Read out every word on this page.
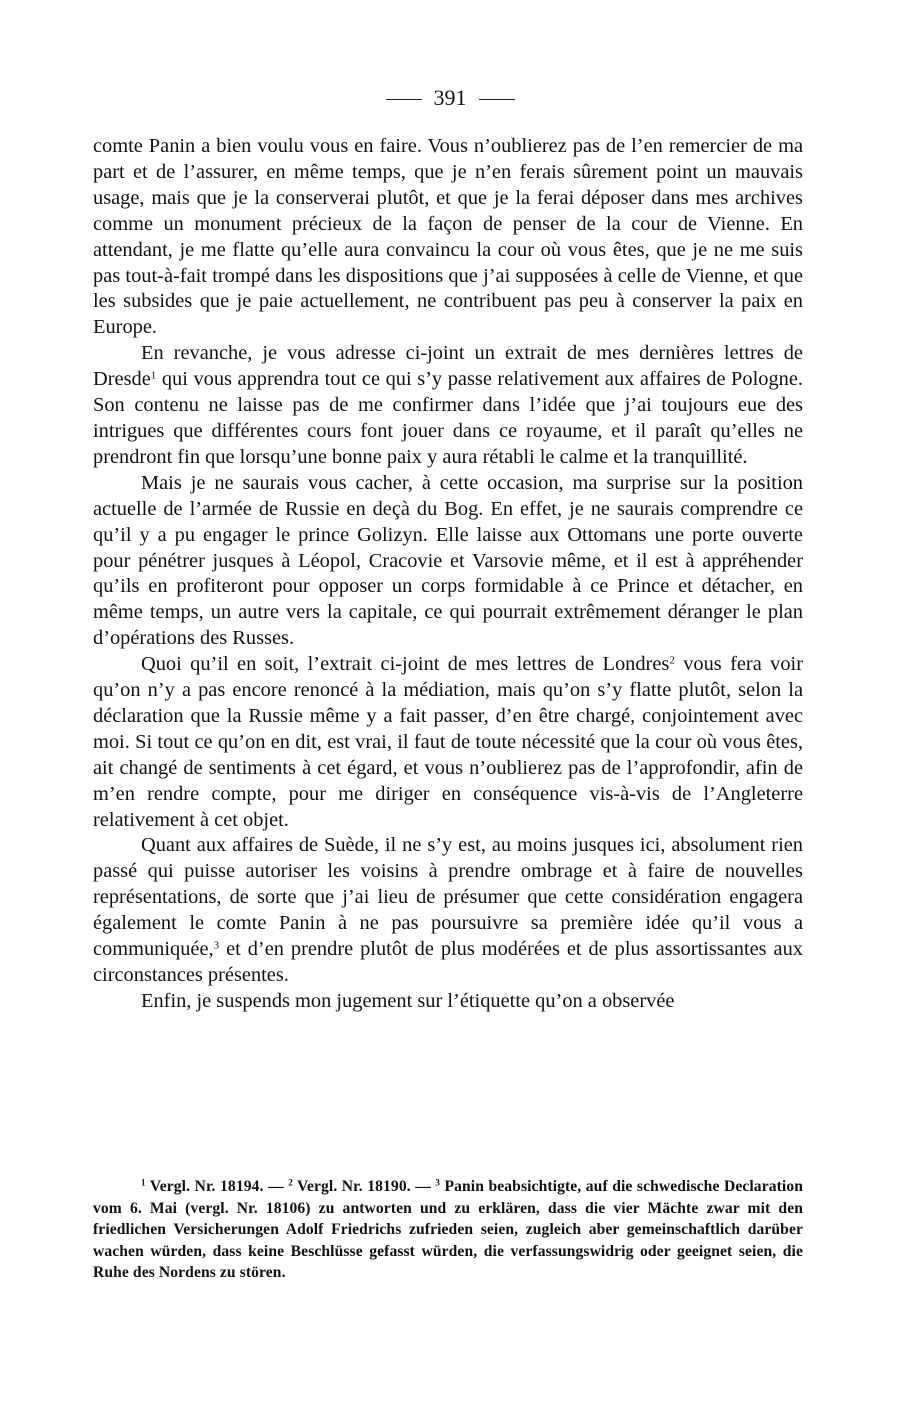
391

comte Panin a bien voulu vous en faire. Vous n’oublierez pas de l’en remercier de ma part et de l’assurer, en même temps, que je n’en ferais sûrement point un mauvais usage, mais que je la conserverai plutôt, et que je la ferai déposer dans mes archives comme un monument précieux de la façon de penser de la cour de Vienne. En attendant, je me flatte qu’elle aura convaincu la cour où vous êtes, que je ne me suis pas tout-à-fait trompé dans les dispositions que j’ai supposées à celle de Vienne, et que les subsides que je paie actuellement, ne contribuent pas peu à conserver la paix en Europe.

En revanche, je vous adresse ci-joint un extrait de mes dernières lettres de Dresde$^1$ qui vous apprendra tout ce qui s’y passe relativement aux affaires de Pologne. Son contenu ne laisse pas de me confirmer dans l’idée que j’ai toujours eue des intrigues que différentes cours font jouer dans ce royaume, et il paraît qu’elles ne prendront fin que lorsqu’une bonne paix y aura rétabli le calme et la tranquillité.

Mais je ne saurais vous cacher, à cette occasion, ma surprise sur la position actuelle de l’armée de Russie en deçà du Bog. En effet, je ne saurais comprendre ce qu’il y a pu engager le prince Golizyn. Elle laisse aux Ottomans une porte ouverte pour pénétrer jusques à Léopol, Cracovie et Varsovie même, et il est à appréhender qu’ils en profiteront pour opposer un corps formidable à ce Prince et détacher, en même temps, un autre vers la capitale, ce qui pourrait extrêmement déranger le plan d’opérations des Russes.

Quoi qu’il en soit, l’extrait ci-joint de mes lettres de Londres$^2$ vous fera voir qu’on n’y a pas encore renoncé à la médiation, mais qu’on s’y flatte plutôt, selon la déclaration que la Russie même y a fait passer, d’en être chargé, conjointement avec moi. Si tout ce qu’on en dit, est vrai, il faut de toute nécessité que la cour où vous êtes, ait changé de sentiments à cet égard, et vous n’oublierez pas de l’approfondir, afin de m’en rendre compte, pour me diriger en conséquence vis-à-vis de l’Angleterre relativement à cet objet.

Quant aux affaires de Suède, il ne s’y est, au moins jusques ici, absolument rien passé qui puisse autoriser les voisins à prendre ombrage et à faire de nouvelles représentations, de sorte que j’ai lieu de présumer que cette considération engagera également le comte Panin à ne pas poursuivre sa première idée qu’il vous a communiquée,$^3$ et d’en prendre plutôt de plus modérées et de plus assortissantes aux circonstances présentes.

Enfin, je suspends mon jugement sur l’étiquette qu’on a observée

$^1$ Vergl. Nr. 18194. — $^2$ Vergl. Nr. 18190. — $^3$ Panin beabsichtigte, auf die schwedische Declaration vom 6. Mai (vergl. Nr. 18106) zu antworten und zu erklären, dass die vier Mächte zwar mit den friedlichen Versicherungen Adolf Friedrichs zufrieden seien, zugleich aber gemeinschaftlich darüber wachen würden, dass keine Beschlüsse gefasst würden, die verfassungswidrig oder geeignet seien, die Ruhe des Nordens zu stören.
